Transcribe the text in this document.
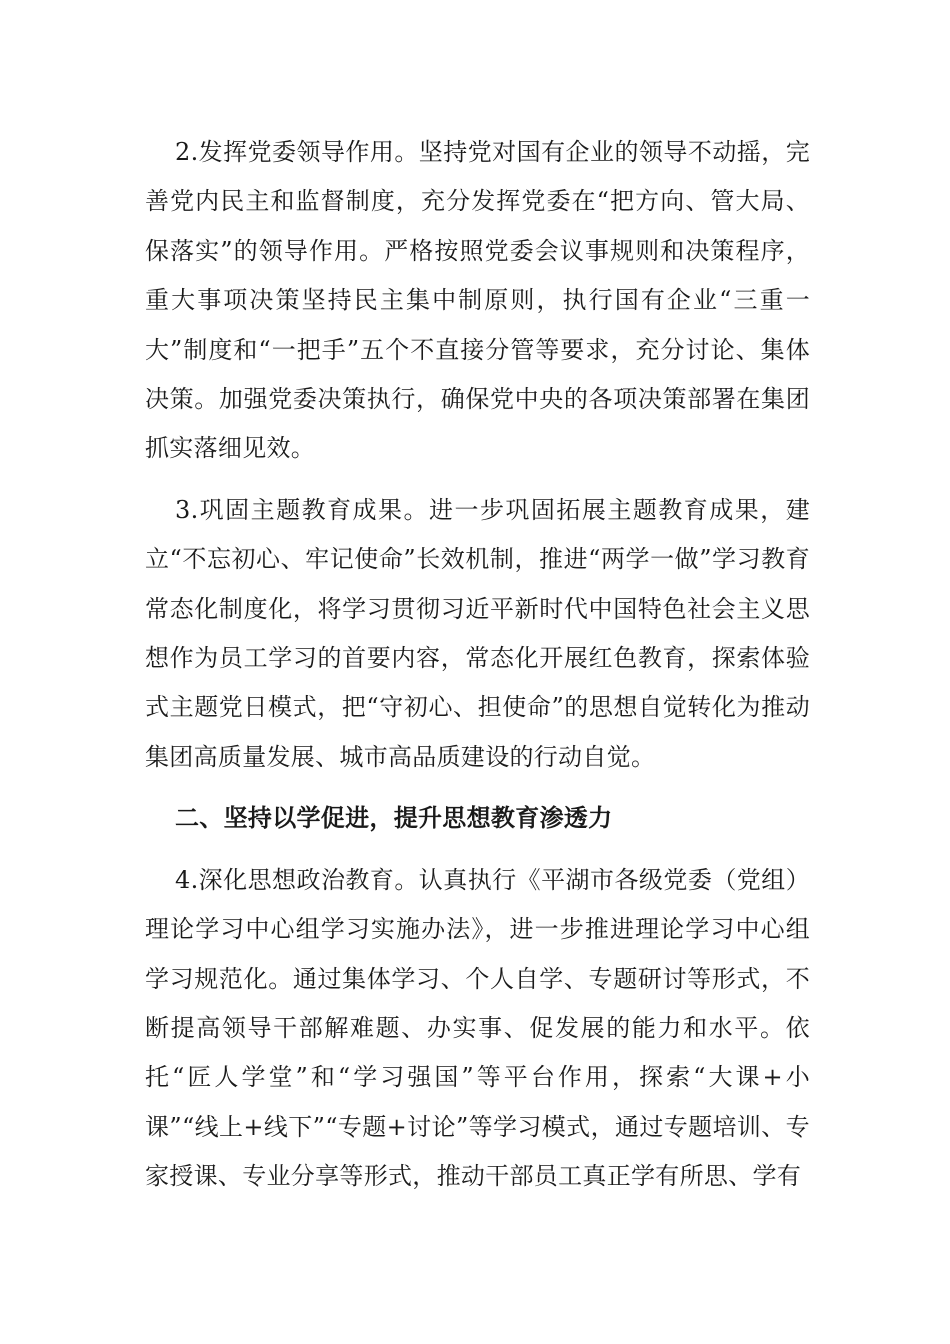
2.发挥党委领导作用。坚持党对国有企业的领导不动摇，完善党内民主和监督制度，充分发挥党委在“把方向、管大局、保落实”的领导作用。严格按照党委会议事规则和决策程序，重大事项决策坚持民主集中制原则，执行国有企业“三重一大”制度和“一把手”五个不直接分管等要求，充分讨论、集体决策。加强党委决策执行，确保党中央的各项决策部署在集团抓实落细见效。

3.巩固主题教育成果。进一步巩固拓展主题教育成果，建立“不忘初心、牢记使命”长效机制，推进“两学一做”学习教育常态化制度化，将学习贯彻习近平新时代中国特色社会主义思想作为员工学习的首要内容，常态化开展红色教育，探索体验式主题党日模式，把“守初心、担使命”的思想自觉转化为推动集团高质量发展、城市高品质建设的行动自觉。

二、坚持以学促进，提升思想教育渗透力

4.深化思想政治教育。认真执行《平湖市各级党委（党组）理论学习中心组学习实施办法》，进一步推进理论学习中心组学习规范化。通过集体学习、个人自学、专题研讨等形式，不断提高领导干部解难题、办实事、促发展的能力和水平。依托“匠人学堂”和“学习强国”等平台作用，探索“大课+小课”“线上+线下”“专题+讨论”等学习模式，通过专题培训、专家授课、专业分享等形式，推动干部员工真正学有所思、学有
